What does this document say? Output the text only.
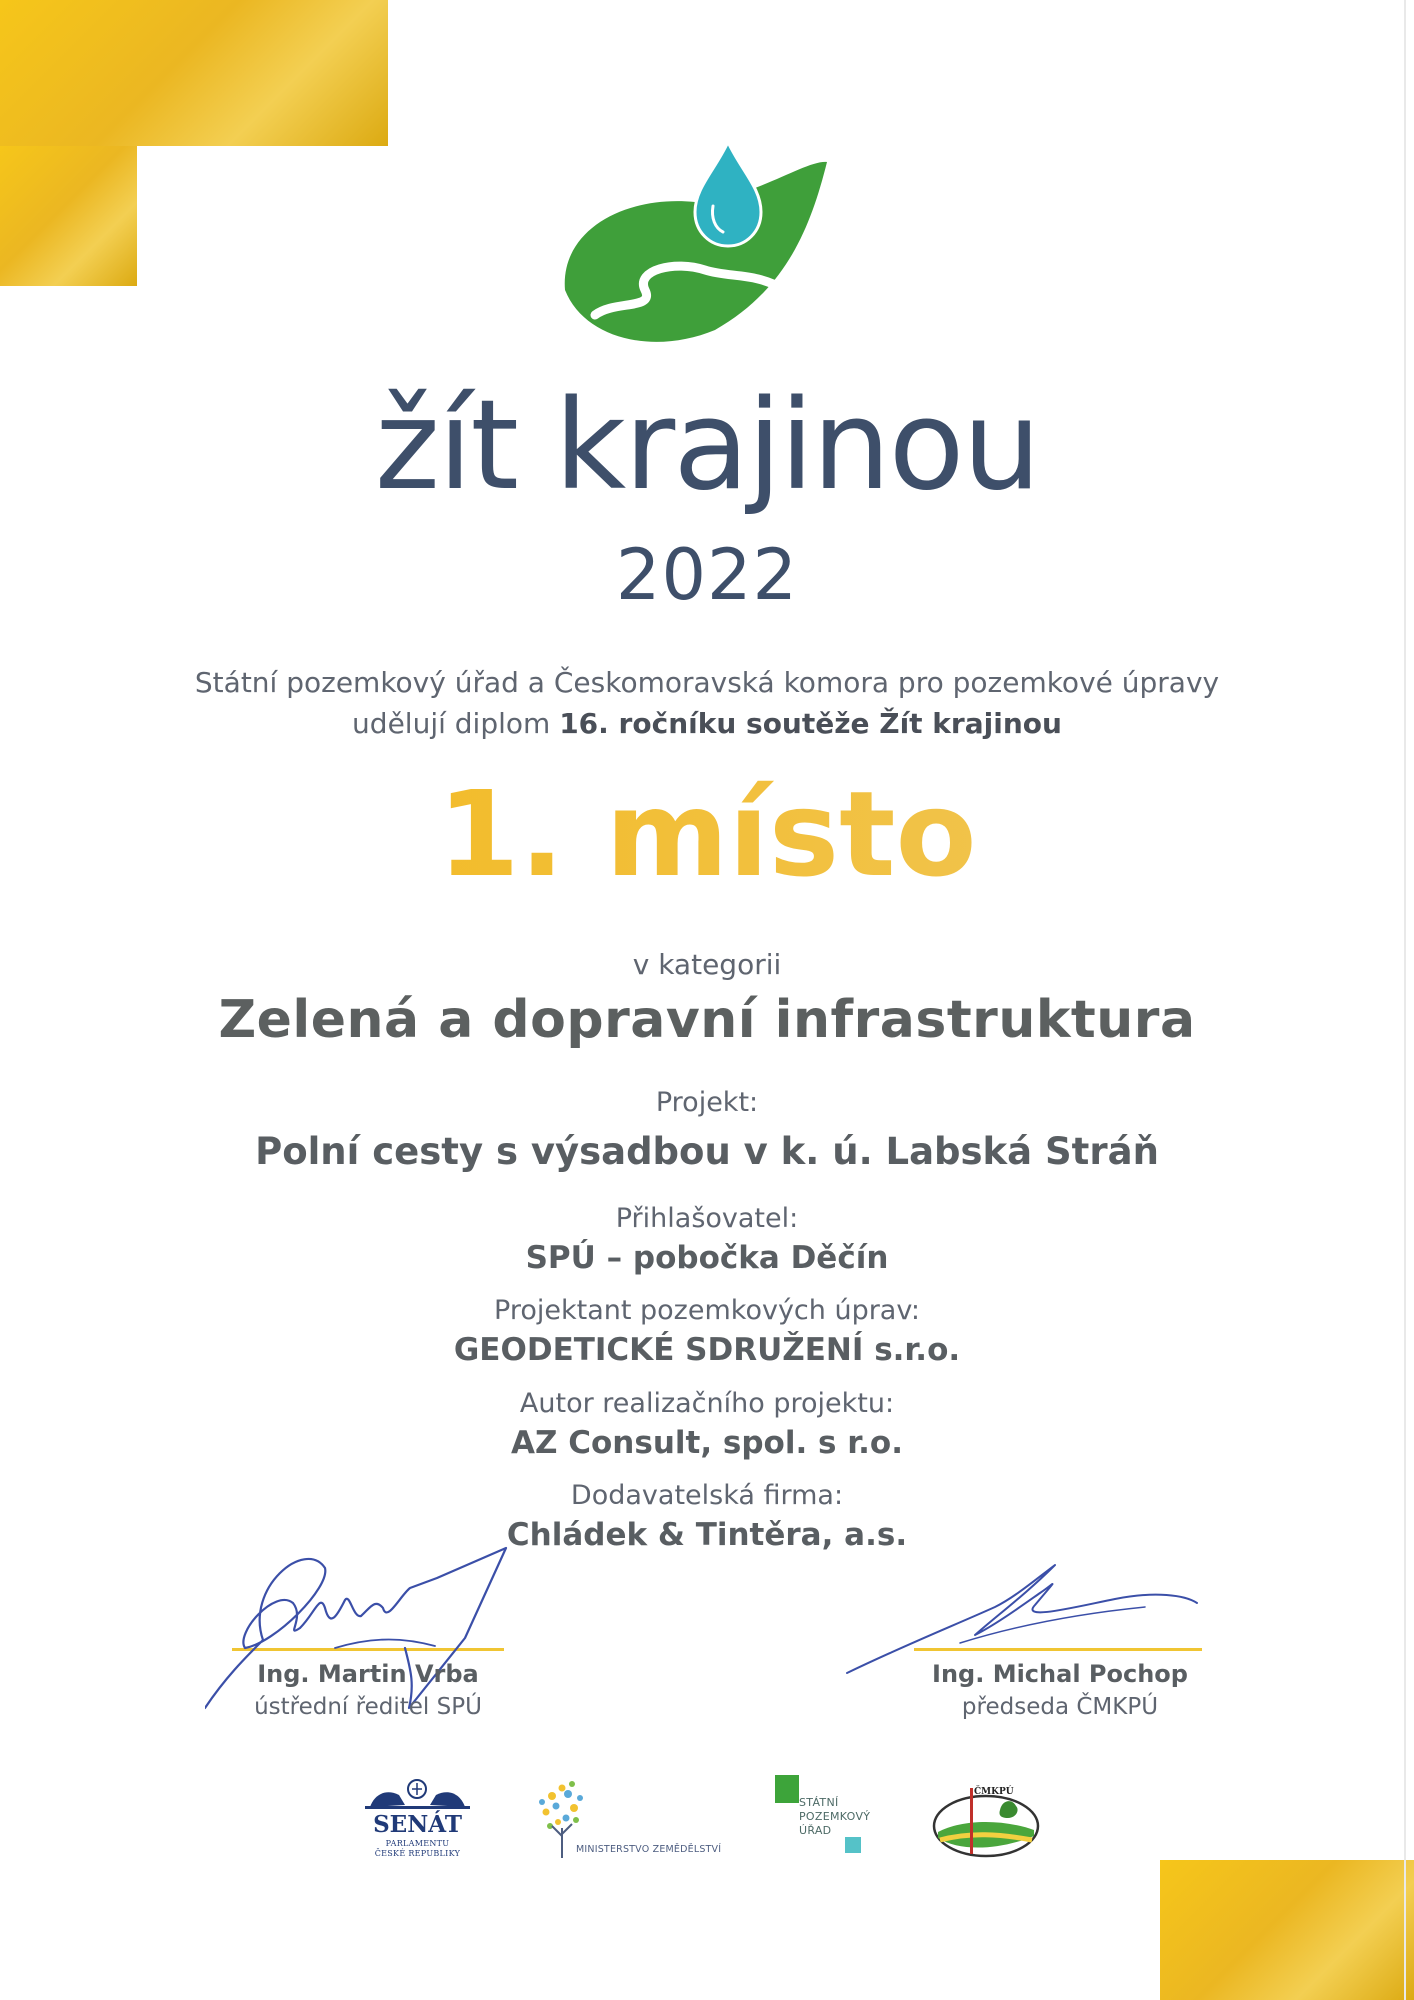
žít krajinou
2022
Státní pozemkový úřad a Českomoravská komora pro pozemkové úpravy
udělují diplom 16. ročníku soutěže Žít krajinou
1. místo
v kategorii
Zelená a dopravní infrastruktura
Projekt:
Polní cesty s výsadbou v k. ú. Labská Stráň
Přihlašovatel:
SPÚ – pobočka Děčín
Projektant pozemkových úprav:
GEODETICKÉ SDRUŽENÍ s.r.o.
Autor realizačního projektu:
AZ Consult, spol. s r.o.
Dodavatelská firma:
Chládek & Tintěra, a.s.
Ing. Martin Vrba
ústřední ředitel SPÚ
Ing. Michal Pochop
předseda ČMKPÚ
SENÁT
PARLAMENTU
ČESKÉ REPUBLIKY	MINISTERSTVO ZEMĚDĚLSTVÍ
STÁTNÍ
POZEMKOVÝ
ÚŘAD
ČMKPÚ
